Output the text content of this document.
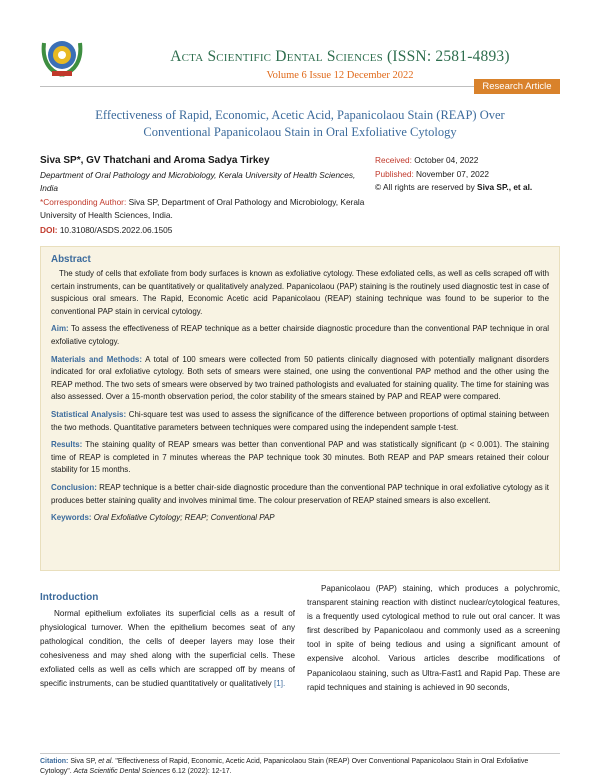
Acta Scientific Dental Sciences (ISSN: 2581-4893)
Volume 6 Issue 12 December 2022
Research Article
Effectiveness of Rapid, Economic, Acetic Acid, Papanicolaou Stain (REAP) Over
Conventional Papanicolaou Stain in Oral Exfoliative Cytology
Siva SP*, GV Thatchani and Aroma Sadya Tirkey
Department of Oral Pathology and Microbiology, Kerala University of Health Sciences, India
*Corresponding Author: Siva SP, Department of Oral Pathology and Microbiology, Kerala University of Health Sciences, India.
DOI: 10.31080/ASDS.2022.06.1505
Received: October 04, 2022
Published: November 07, 2022
© All rights are reserved by Siva SP., et al.
Abstract

The study of cells that exfoliate from body surfaces is known as exfoliative cytology. These exfoliated cells, as well as cells scraped off with certain instruments, can be quantitatively or qualitatively analyzed. Papanicolaou (PAP) staining is the routinely used diagnostic test in case of suspicious oral smears. The Rapid, Economic Acetic acid Papanicolaou (REAP) staining technique was found to be superior to the conventional PAP stain in cervical cytology.

Aim: To assess the effectiveness of REAP technique as a better chairside diagnostic procedure than the conventional PAP technique in oral exfoliative cytology.

Materials and Methods: A total of 100 smears were collected from 50 patients clinically diagnosed with potentially malignant disorders indicated for oral exfoliative cytology. Both sets of smears were stained, one using the conventional PAP method and the other using the REAP method. The two sets of smears were observed by two trained pathologists and evaluated for staining quality. The time for staining was also assessed. Over a 15-month observation period, the color stability of the smears stained by PAP and REAP were compared.

Statistical Analysis: Chi-square test was used to assess the significance of the difference between proportions of optimal staining between the two methods. Quantitative parameters between techniques were compared using the independent sample t-test.

Results: The staining quality of REAP smears was better than conventional PAP and was statistically significant (p < 0.001). The staining time of REAP is completed in 7 minutes whereas the PAP technique took 30 minutes. Both REAP and PAP smears retained their colour stability for 15 months.

Conclusion: REAP technique is a better chair-side diagnostic procedure than the conventional PAP technique in oral exfoliative cytology as it produces better staining quality and involves minimal time. The colour preservation of REAP stained smears is also excellent.

Keywords: Oral Exfoliative Cytology; REAP; Conventional PAP

Introduction
Normal epithelium exfoliates its superficial cells as a result of physiological turnover. When the epithelium becomes seat of any pathological condition, the cells of deeper layers may lose their cohesiveness and may shed along with the superficial cells. These exfoliated cells as well as cells which are scrapped off by means of specific instruments, can be studied quantitatively or qualitatively [1].
Papanicolaou (PAP) staining, which produces a polychromic, transparent staining reaction with distinct nuclear/cytological features, is a frequently used cytological method to rule out oral cancer. It was first described by Papanicolaou and commonly used as a screening tool in spite of being tedious and using a significant amount of expensive alcohol. Various articles describe modifications of Papanicolaou staining, such as Ultra-Fast1 and Rapid Pap. These are rapid techniques and staining is achieved in 90 seconds,
Citation: Siva SP, et al. "Effectiveness of Rapid, Economic, Acetic Acid, Papanicolaou Stain (REAP) Over Conventional Papanicolaou Stain in Oral Exfoliative Cytology". Acta Scientific Dental Sciences 6.12 (2022): 12-17.
